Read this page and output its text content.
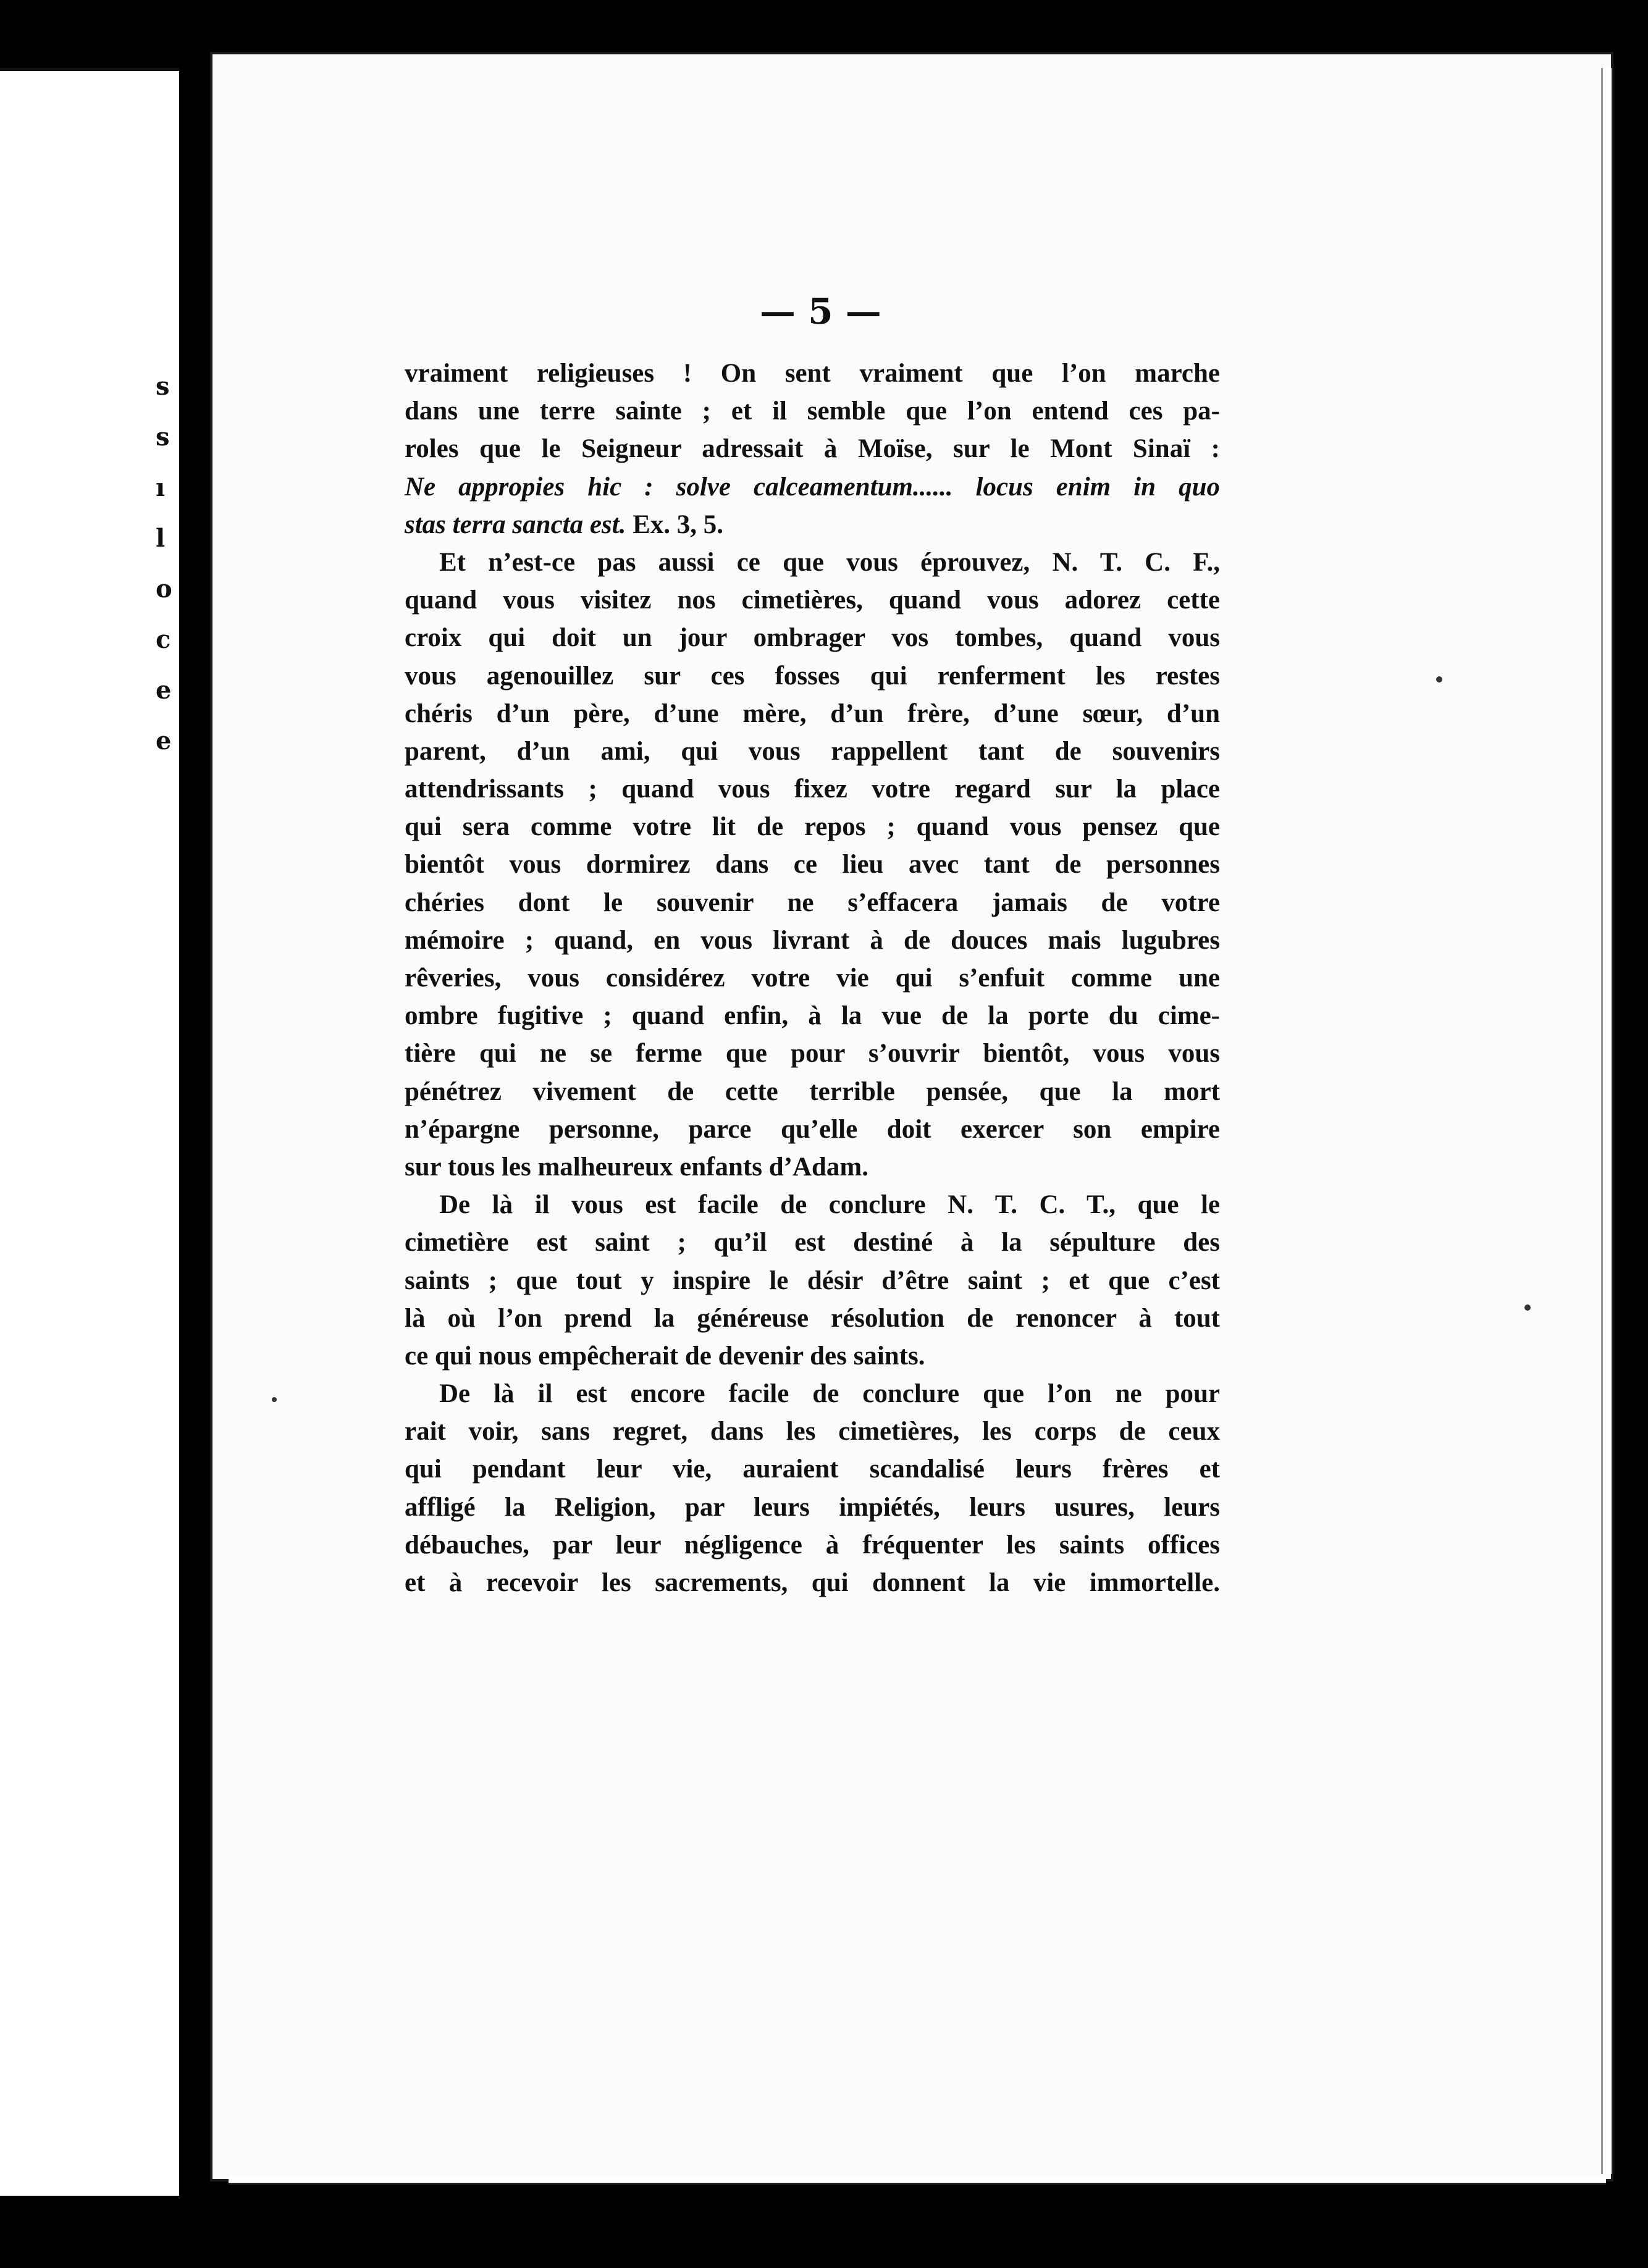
s
s
ı
l
o
c
e
e
— 5 —
vraiment religieuses ! On sent vraiment que l’on marche
dans une terre sainte ; et il semble que l’on entend ces pa-
roles que le Seigneur adressait à Moïse, sur le Mont Sinaï :
Ne appropies hic : solve calceamentum...... locus enim in quo
stas terra sancta est. Ex. 3, 5.
Et n’est-ce pas aussi ce que vous éprouvez, N. T. C. F.,
quand vous visitez nos cimetières, quand vous adorez cette
croix qui doit un jour ombrager vos tombes, quand vous
vous agenouillez sur ces fosses qui renferment les restes
chéris d’un père, d’une mère, d’un frère, d’une sœur, d’un
parent, d’un ami, qui vous rappellent tant de souvenirs
attendrissants ; quand vous fixez votre regard sur la place
qui sera comme votre lit de repos ; quand vous pensez que
bientôt vous dormirez dans ce lieu avec tant de personnes
chéries dont le souvenir ne s’effacera jamais de votre
mémoire ; quand, en vous livrant à de douces mais lugubres
rêveries, vous considérez votre vie qui s’enfuit comme une
ombre fugitive ; quand enfin, à la vue de la porte du cime-
tière qui ne se ferme que pour s’ouvrir bientôt, vous vous
pénétrez vivement de cette terrible pensée, que la mort
n’épargne personne, parce qu’elle doit exercer son empire
sur tous les malheureux enfants d’Adam.
De là il vous est facile de conclure N. T. C. T., que le
cimetière est saint ; qu’il est destiné à la sépulture des
saints ; que tout y inspire le désir d’être saint ; et que c’est
là où l’on prend la généreuse résolution de renoncer à tout
ce qui nous empêcherait de devenir des saints.
De là il est encore facile de conclure que l’on ne pour
rait voir, sans regret, dans les cimetières, les corps de ceux
qui pendant leur vie, auraient scandalisé leurs frères et
affligé la Religion, par leurs impiétés, leurs usures, leurs
débauches, par leur négligence à fréquenter les saints offices
et à recevoir les sacrements, qui donnent la vie immortelle.
